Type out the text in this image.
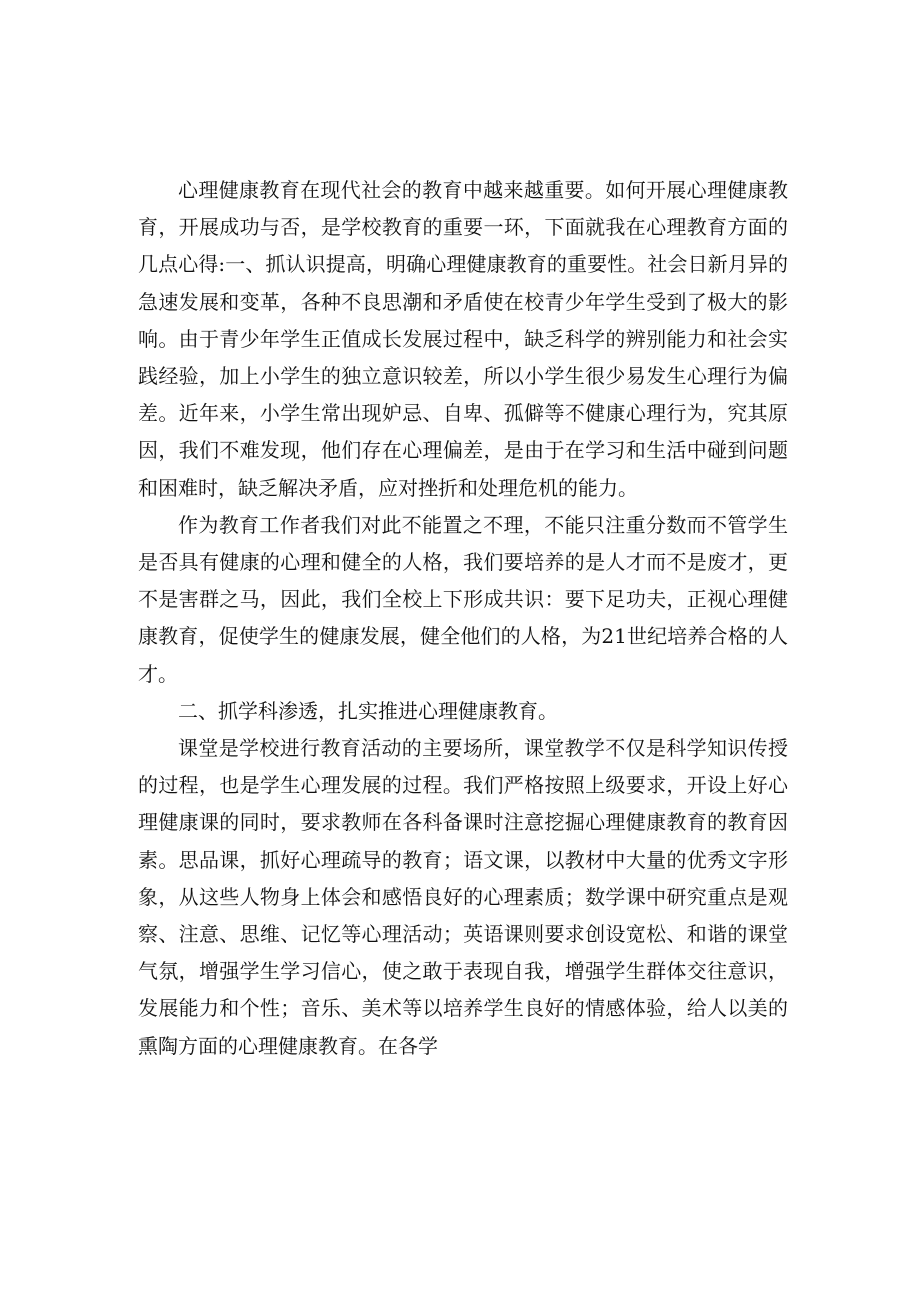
心理健康教育在现代社会的教育中越来越重要。如何开展心理健康教育，开展成功与否，是学校教育的重要一环，下面就我在心理教育方面的几点心得:一、抓认识提高，明确心理健康教育的重要性。社会日新月异的急速发展和变革，各种不良思潮和矛盾使在校青少年学生受到了极大的影响。由于青少年学生正值成长发展过程中，缺乏科学的辨别能力和社会实践经验，加上小学生的独立意识较差，所以小学生很少易发生心理行为偏差。近年来，小学生常出现妒忌、自卑、孤僻等不健康心理行为，究其原因，我们不难发现，他们存在心理偏差，是由于在学习和生活中碰到问题和困难时，缺乏解决矛盾，应对挫折和处理危机的能力。

作为教育工作者我们对此不能置之不理，不能只注重分数而不管学生是否具有健康的心理和健全的人格，我们要培养的是人才而不是废才，更不是害群之马，因此，我们全校上下形成共识：要下足功夫，正视心理健康教育，促使学生的健康发展，健全他们的人格，为21世纪培养合格的人才。

二、抓学科渗透，扎实推进心理健康教育。

课堂是学校进行教育活动的主要场所，课堂教学不仅是科学知识传授的过程，也是学生心理发展的过程。我们严格按照上级要求，开设上好心理健康课的同时，要求教师在各科备课时注意挖掘心理健康教育的教育因素。思品课，抓好心理疏导的教育；语文课，以教材中大量的优秀文字形象，从这些人物身上体会和感悟良好的心理素质；数学课中研究重点是观察、注意、思维、记忆等心理活动；英语课则要求创设宽松、和谐的课堂气氛，增强学生学习信心，使之敢于表现自我，增强学生群体交往意识，发展能力和个性；音乐、美术等以培养学生良好的情感体验，给人以美的熏陶方面的心理健康教育。在各学
